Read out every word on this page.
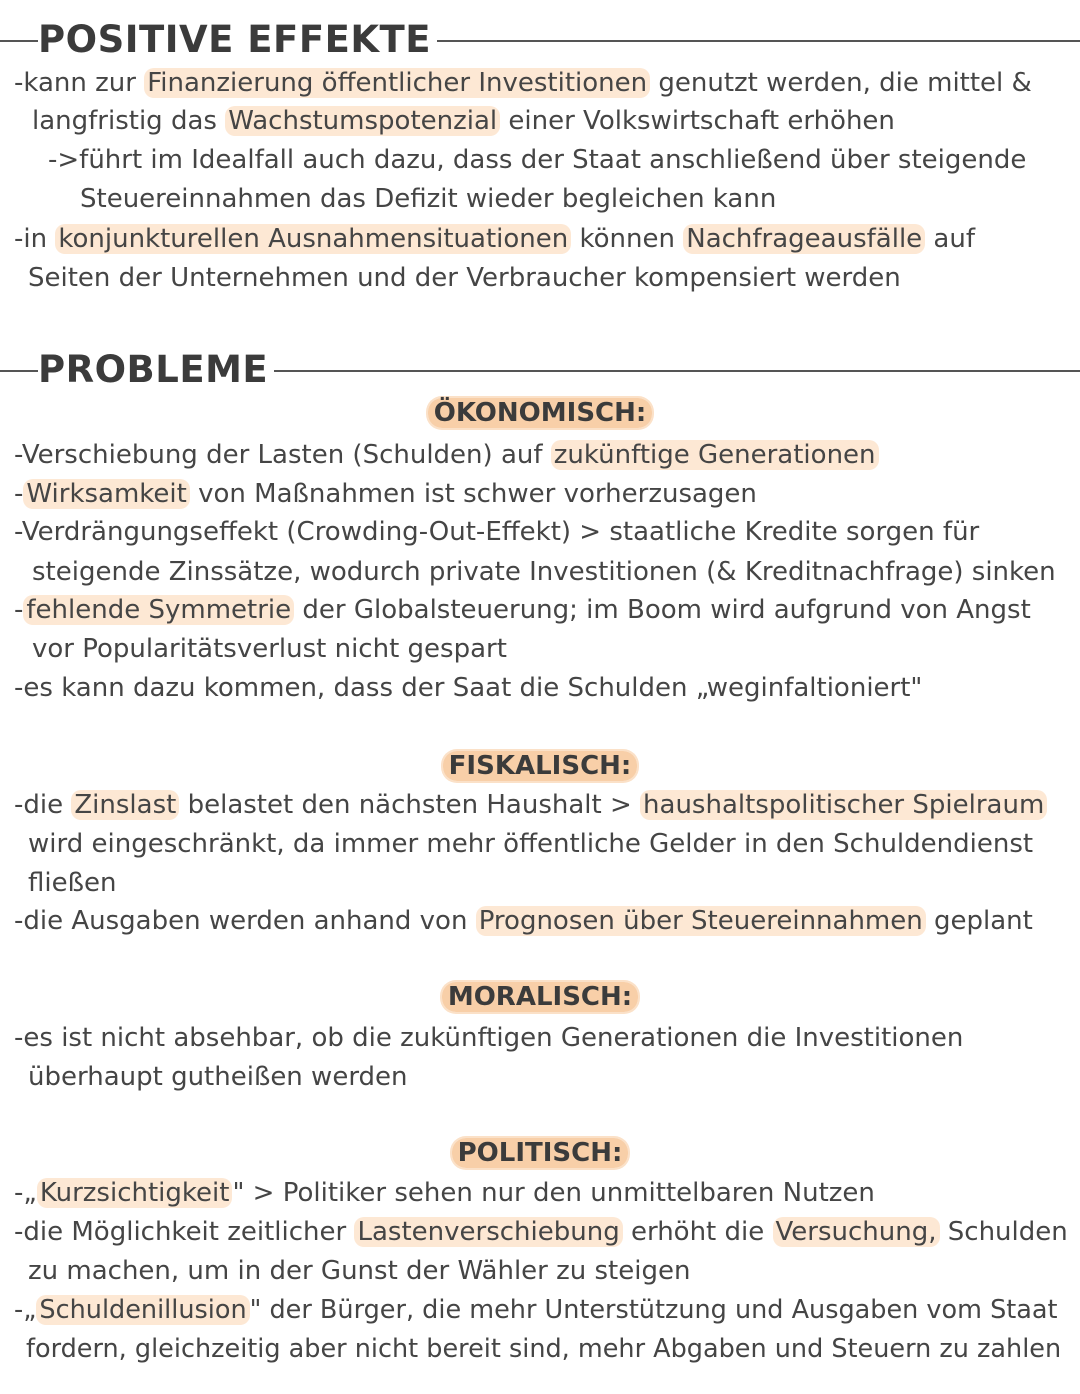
POSITIVE EFFEKTE
-kann zur Finanzierung öffentlicher Investitionen genutzt werden, die mittel &
langfristig das Wachstumspotenzial einer Volkswirtschaft erhöhen
->führt im Idealfall auch dazu, dass der Staat anschließend über steigende
Steuereinnahmen das Defizit wieder begleichen kann
-in konjunkturellen Ausnahmensituationen können Nachfrageausfälle auf
Seiten der Unternehmen und der Verbraucher kompensiert werden
PROBLEME
ÖKONOMISCH:
-Verschiebung der Lasten (Schulden) auf zukünftige Generationen
- Wirksamkeit von Maßnahmen ist schwer vorherzusagen
-Verdrängungseffekt (Crowding-Out-Effekt) > staatliche Kredite sorgen für
steigende Zinssätze, wodurch private Investitionen (& Kreditnachfrage) sinken
- fehlende Symmetrie der Globalsteuerung; im Boom wird aufgrund von Angst
vor Popularitätsverlust nicht gespart
-es kann dazu kommen, dass der Saat die Schulden „weginfaltioniert"
FISKALISCH:
-die Zinslast belastet den nächsten Haushalt > haushaltspolitischer Spielraum
wird eingeschränkt, da immer mehr öffentliche Gelder in den Schuldendienst
fließen
-die Ausgaben werden anhand von Prognosen über Steuereinnahmen geplant
MORALISCH:
-es ist nicht absehbar, ob die zukünftigen Generationen die Investitionen
überhaupt gutheißen werden
POLITISCH:
-„ Kurzsichtigkeit " > Politiker sehen nur den unmittelbaren Nutzen
-die Möglichkeit zeitlicher Lastenverschiebung erhöht die Versuchung, Schulden
zu machen, um in der Gunst der Wähler zu steigen
-„ Schuldenillusion " der Bürger, die mehr Unterstützung und Ausgaben vom Staat
fordern, gleichzeitig aber nicht bereit sind, mehr Abgaben und Steuern zu zahlen
